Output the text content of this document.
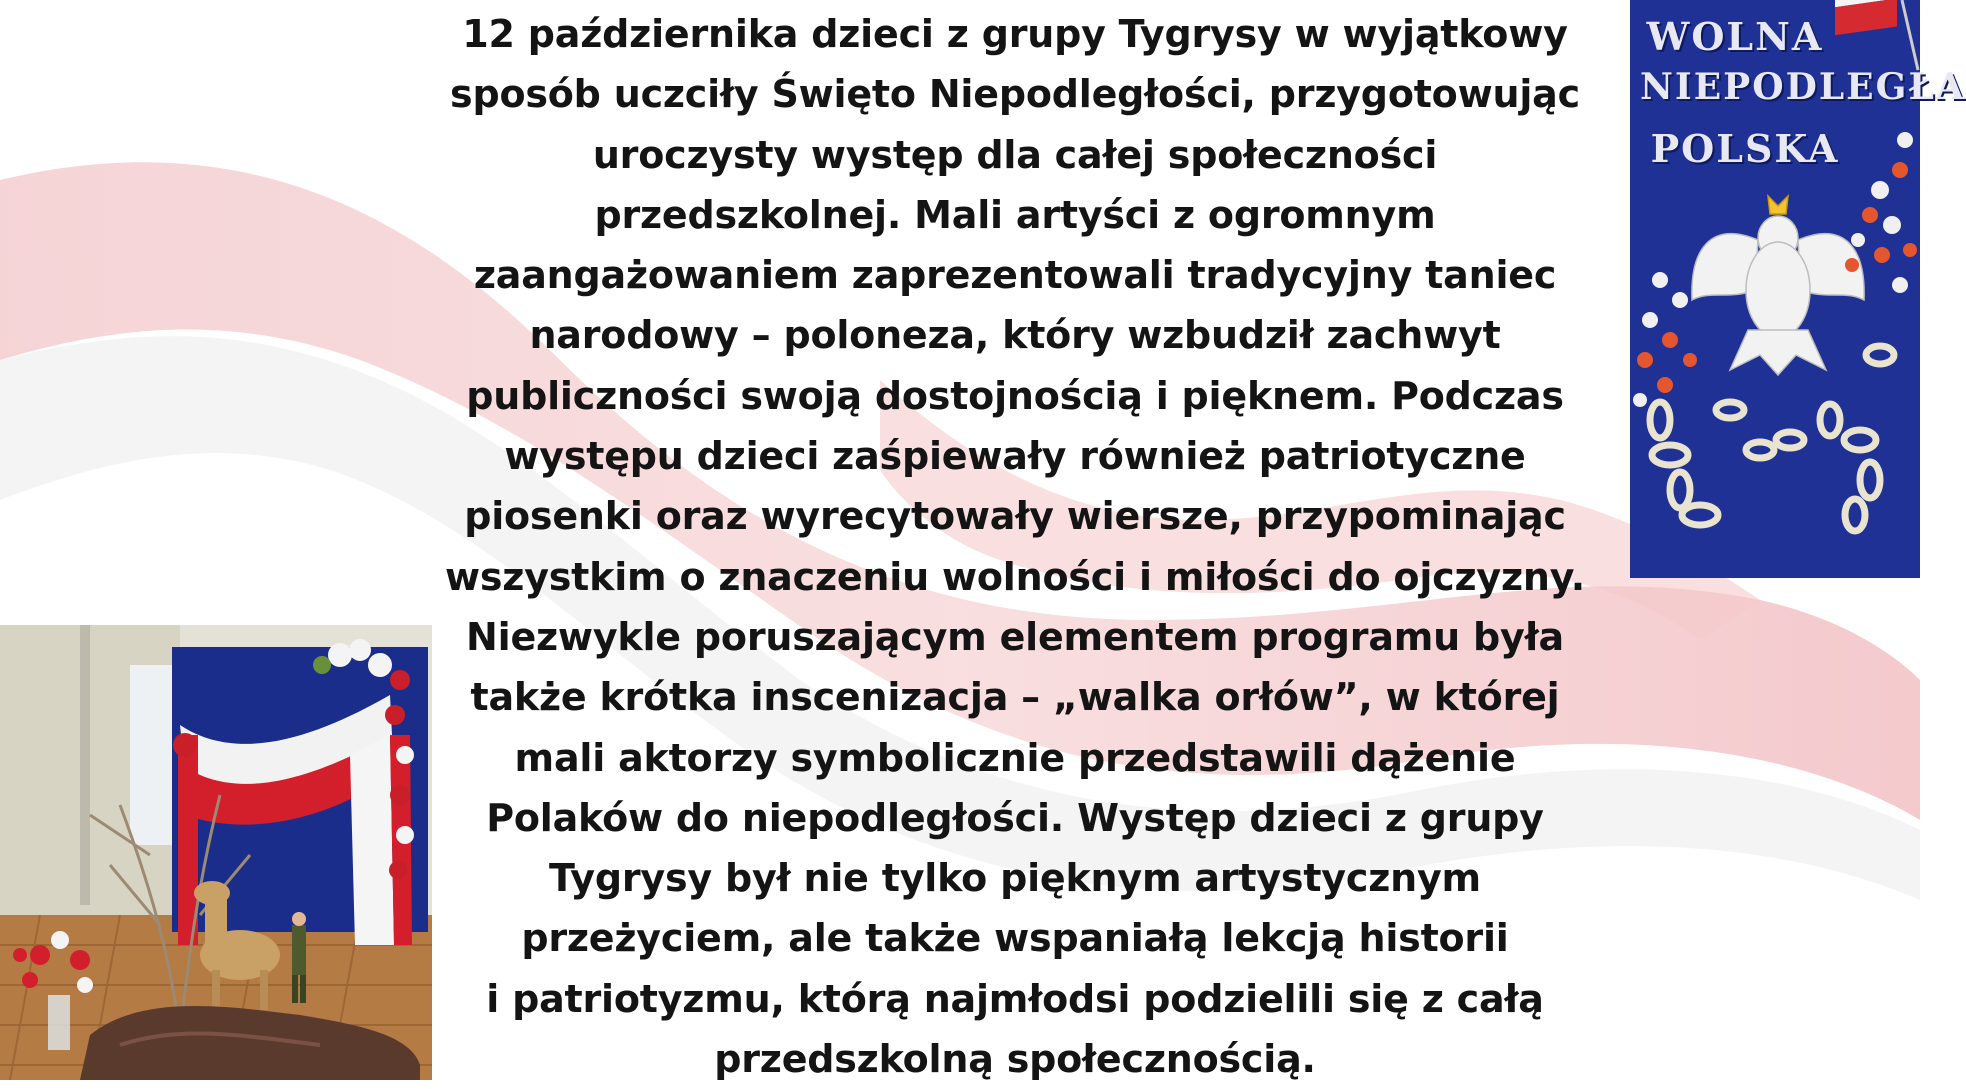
12 października dzieci z grupy Tygrysy w wyjątkowy
sposób uczciły Święto Niepodległości, przygotowując
uroczysty występ dla całej społeczności
przedszkolnej. Mali artyści z ogromnym
zaangażowaniem zaprezentowali tradycyjny taniec
narodowy – poloneza, który wzbudził zachwyt
publiczności swoją dostojnością i pięknem. Podczas
występu dzieci zaśpiewały również patriotyczne
piosenki oraz wyrecytowały wiersze, przypominając
wszystkim o znaczeniu wolności i miłości do ojczyzny.
Niezwykle poruszającym elementem programu była
także krótka inscenizacja – „walka orłów”, w której
mali aktorzy symbolicznie przedstawili dążenie
Polaków do niepodległości. Występ dzieci z grupy
Tygrysy był nie tylko pięknym artystycznym
przeżyciem, ale także wspaniałą lekcją historii
i patriotyzmu, którą najmłodsi podzielili się z całą
przedszkolną społecznością.
WOLNA
NIEPODLEGŁA
POLSKA
